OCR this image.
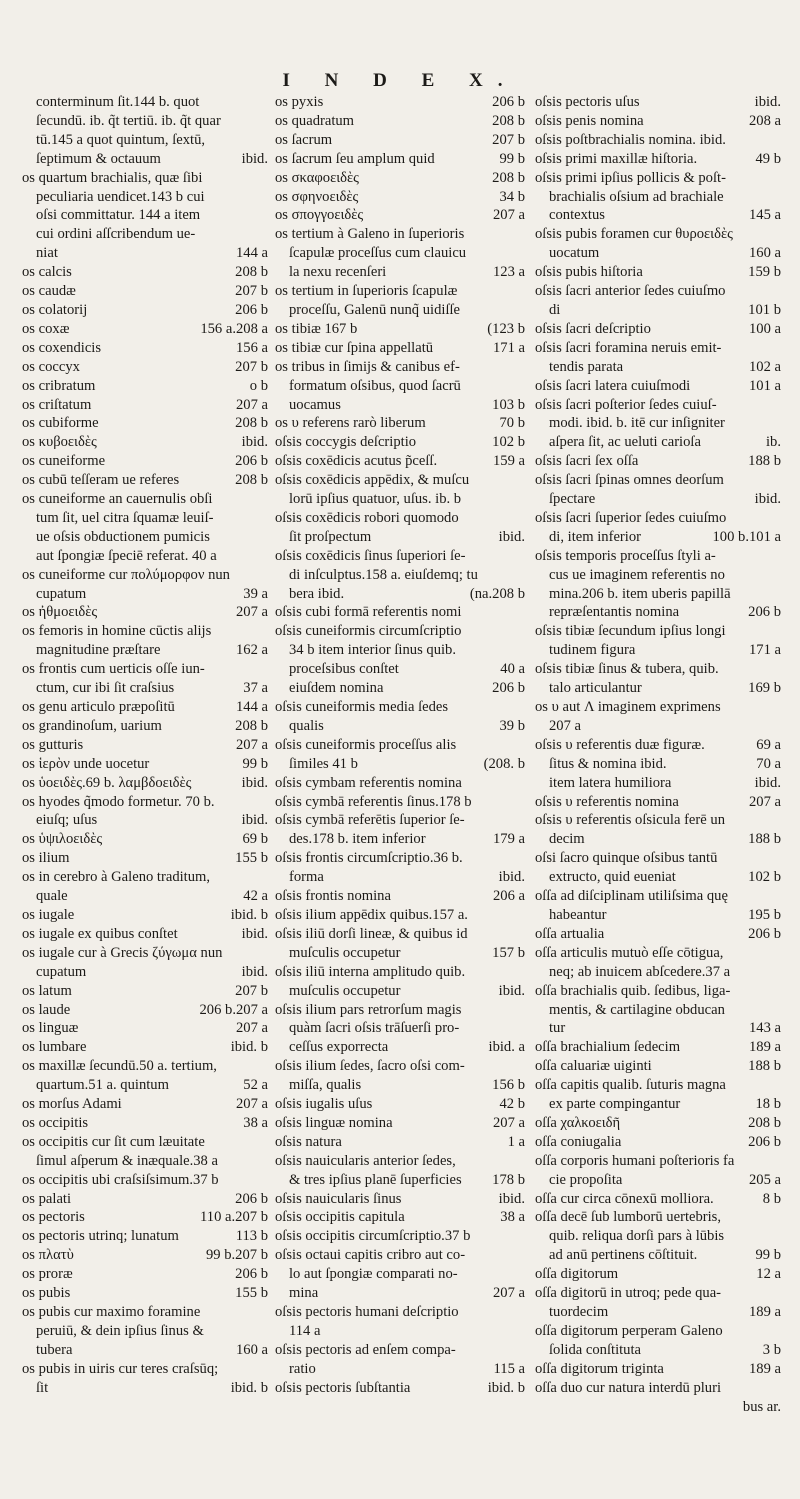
I N D E X.
conterminum ſit.144 b. quot
ſecundū. ib. q̃t tertiū. ib. q̃t quar
tū.145 a quot quintum, ſextū,
ſeptimum & octauum	ibid.
os quartum brachialis, quæ ſibi
peculiaria uendicet.143 b cui
oſsi committatur. 144 a item
cui ordini aſſcribendum ue-
niat	144 a
os calcis	208 b
os caudæ	207 b
os colatorij	206 b
os coxæ	156 a.208 a
os coxendicis	156 a
os coccyx	207 b
os cribratum	o b
os criſtatum	207 a
os cubiforme	208 b
os κυβοειδὲς	ibid.
os cuneiforme	206 b
os cubū teſſeram ue referes	208 b
os cuneiforme an cauernulis obſi
tum ſit, uel citra ſquamæ leuiſ-
ue oſsis obductionem pumicis
aut ſpongiæ ſpeciē referat. 40 a
os cuneiforme cur πολύμορφον nun
cupatum	39 a
os ἠθμοειδὲς	207 a
os femoris in homine cūctis alijs
magnitudine præſtare	162 a
os frontis cum uerticis oſſe iun-
ctum, cur ibi ſit craſsius	37 a
os genu articulo præpoſitū	144 a
os grandinoſum, uarium	208 b
os gutturis	207 a
os ἱερὸν unde uocetur	99 b
os ὑοειδὲς.69 b. λαμβδοειδὲς	ibid.
os hyodes q̃modo formetur. 70 b.
eiuſq; uſus	ibid.
os ὑψιλοειδὲς	69 b
os ilium	155 b
os in cerebro à Galeno traditum,
quale	42 a
os iugale	ibid. b
os iugale ex quibus conſtet	ibid.
os iugale cur à Grecis ζύγωμα nun
cupatum	ibid.
os latum	207 b
os laude	206 b.207 a
os linguæ	207 a
os lumbare	ibid. b
os maxillæ ſecundū.50 a. tertium,
quartum.51 a. quintum	52 a
os morſus Adami	207 a
os occipitis	38 a
os occipitis cur ſit cum læuitate
ſimul aſperum & inæquale.38 a
os occipitis ubi craſsiſsimum.37 b
os palati	206 b
os pectoris	110 a.207 b
os pectoris utrinq; lunatum	113 b
os πλατὺ	99 b.207 b
os proræ	206 b
os pubis	155 b
os pubis cur maximo foramine
peruiū, & dein ipſius ſinus &
tubera	160 a
os pubis in uiris cur teres craſsūq;
ſit	ibid. b
os pyxis	206 b
os quadratum	208 b
os ſacrum	207 b
os ſacrum ſeu amplum quid	99 b
os σκαφοειδὲς	208 b
os σφηνοειδὲς	34 b
os σπογγοειδὲς	207 a
os tertium à Galeno in ſuperioris
ſcapulæ proceſſus cum clauicu
la nexu recenſeri	123 a
os tertium in ſuperioris ſcapulæ
proceſſu, Galenū nunq̃ uidiſſe
os tibiæ 167 b	(123 b
os tibiæ cur ſpina appellatū	171 a
os tribus in ſimijs & canibus ef-
formatum oſsibus, quod ſacrū
uocamus	103 b
os υ referens rarò liberum	70 b
oſsis coccygis deſcriptio	102 b
oſsis coxēdicis acutus p̃ceſſ.	159 a
oſsis coxēdicis appēdix, & muſcu
lorū ipſius quatuor, uſus. ib. b
oſsis coxēdicis robori quomodo
ſit proſpectum	ibid.
oſsis coxēdicis ſinus ſuperiori ſe-
di inſculptus.158 a. eiuſdemq; tu
bera ibid.	(na.208 b
oſsis cubi formā referentis nomi
oſsis cuneiformis circumſcriptio
34 b item interior ſinus quib.
proceſsibus conſtet	40 a
eiuſdem nomina	206 b
oſsis cuneiformis media ſedes
qualis	39 b
oſsis cuneiformis proceſſus alis
ſimiles 41 b	(208. b
oſsis cymbam referentis nomina
oſsis cymbā referentis ſinus.178 b
oſsis cymbā referētis ſuperior ſe-
des.178 b. item inferior	179 a
oſsis frontis circumſcriptio.36 b.
forma	ibid.
oſsis frontis nomina	206 a
oſsis ilium appēdix quibus.157 a.
oſsis iliū dorſi lineæ, & quibus id
muſculis occupetur	157 b
oſsis iliū interna amplitudo quib.
muſculis occupetur	ibid.
oſsis ilium pars retrorſum magis
quàm ſacri oſsis trāſuerſi pro-
ceſſus exporrecta	ibid. a
oſsis ilium ſedes, ſacro oſsi com-
miſſa, qualis	156 b
oſsis iugalis uſus	42 b
oſsis linguæ nomina	207 a
oſsis natura	1 a
oſsis nauicularis anterior ſedes,
& tres ipſius planē ſuperficies	178 b
oſsis nauicularis ſinus	ibid.
oſsis occipitis capitula	38 a
oſsis occipitis circumſcriptio.37 b
oſsis octaui capitis cribro aut co-
lo aut ſpongiæ comparati no-
mina	207 a
oſsis pectoris humani deſcriptio
114 a
oſsis pectoris ad enſem compa-
ratio	115 a
oſsis pectoris ſubſtantia	ibid. b
oſsis pectoris uſus	ibid.
oſsis penis nomina	208 a
oſsis poſtbrachialis nomina. ibid.
oſsis primi maxillæ hiſtoria.	49 b
oſsis primi ipſius pollicis & poſt-
brachialis oſsium ad brachiale
contextus	145 a
oſsis pubis foramen cur θυροειδὲς
uocatum	160 a
oſsis pubis hiſtoria	159 b
oſsis ſacri anterior ſedes cuiuſmo
di	101 b
oſsis ſacri deſcriptio	100 a
oſsis ſacri foramina neruis emit-
tendis parata	102 a
oſsis ſacri latera cuiuſmodi	101 a
oſsis ſacri poſterior ſedes cuiuſ-
modi. ibid. b. itē cur inſigniter
aſpera ſit, ac ueluti carioſa	ib.
oſsis ſacri ſex oſſa	188 b
oſsis ſacri ſpinas omnes deorſum
ſpectare	ibid.
oſsis ſacri ſuperior ſedes cuiuſmo
di, item inferior	100 b.101 a
oſsis temporis proceſſus ſtyli a-
cus ue imaginem referentis no
mina.206 b. item uberis papillā
repræſentantis nomina	206 b
oſsis tibiæ ſecundum ipſius longi
tudinem figura	171 a
oſsis tibiæ ſinus & tubera, quib.
talo articulantur	169 b
os υ aut Λ imaginem exprimens
207 a
oſsis υ referentis duæ figuræ.	69 a
ſitus & nomina ibid.	70 a
item latera humiliora	ibid.
oſsis υ referentis nomina	207 a
oſsis υ referentis oſsicula ferē un
decim	188 b
oſsi ſacro quinque oſsibus tantū
extructo, quid eueniat	102 b
oſſa ad diſciplinam utiliſsima quę
habeantur	195 b
oſſa artualia	206 b
oſſa articulis mutuò eſſe cōtigua,
neq; ab inuicem abſcedere.37 a
oſſa brachialis quib. ſedibus, liga-
mentis, & cartilagine obducan
tur	143 a
oſſa brachialium ſedecim	189 a
oſſa caluariæ uiginti	188 b
oſſa capitis qualib. ſuturis magna
ex parte compingantur	18 b
oſſa χαλκοειδῆ	208 b
oſſa coniugalia	206 b
oſſa corporis humani poſterioris fa
cie propoſita	205 a
oſſa cur circa cōnexū molliora.	8 b
oſſa decē ſub lumborū uertebris,
quib. reliqua dorſi pars à lūbis
ad anū pertinens cōſtituit.	99 b
oſſa digitorum	12 a
oſſa digitorū in utroq; pede qua-
tuordecim	189 a
oſſa digitorum perperam Galeno
ſolida conſtituta	3 b
oſſa digitorum triginta	189 a
oſſa duo cur natura interdū pluri
bus ar.
